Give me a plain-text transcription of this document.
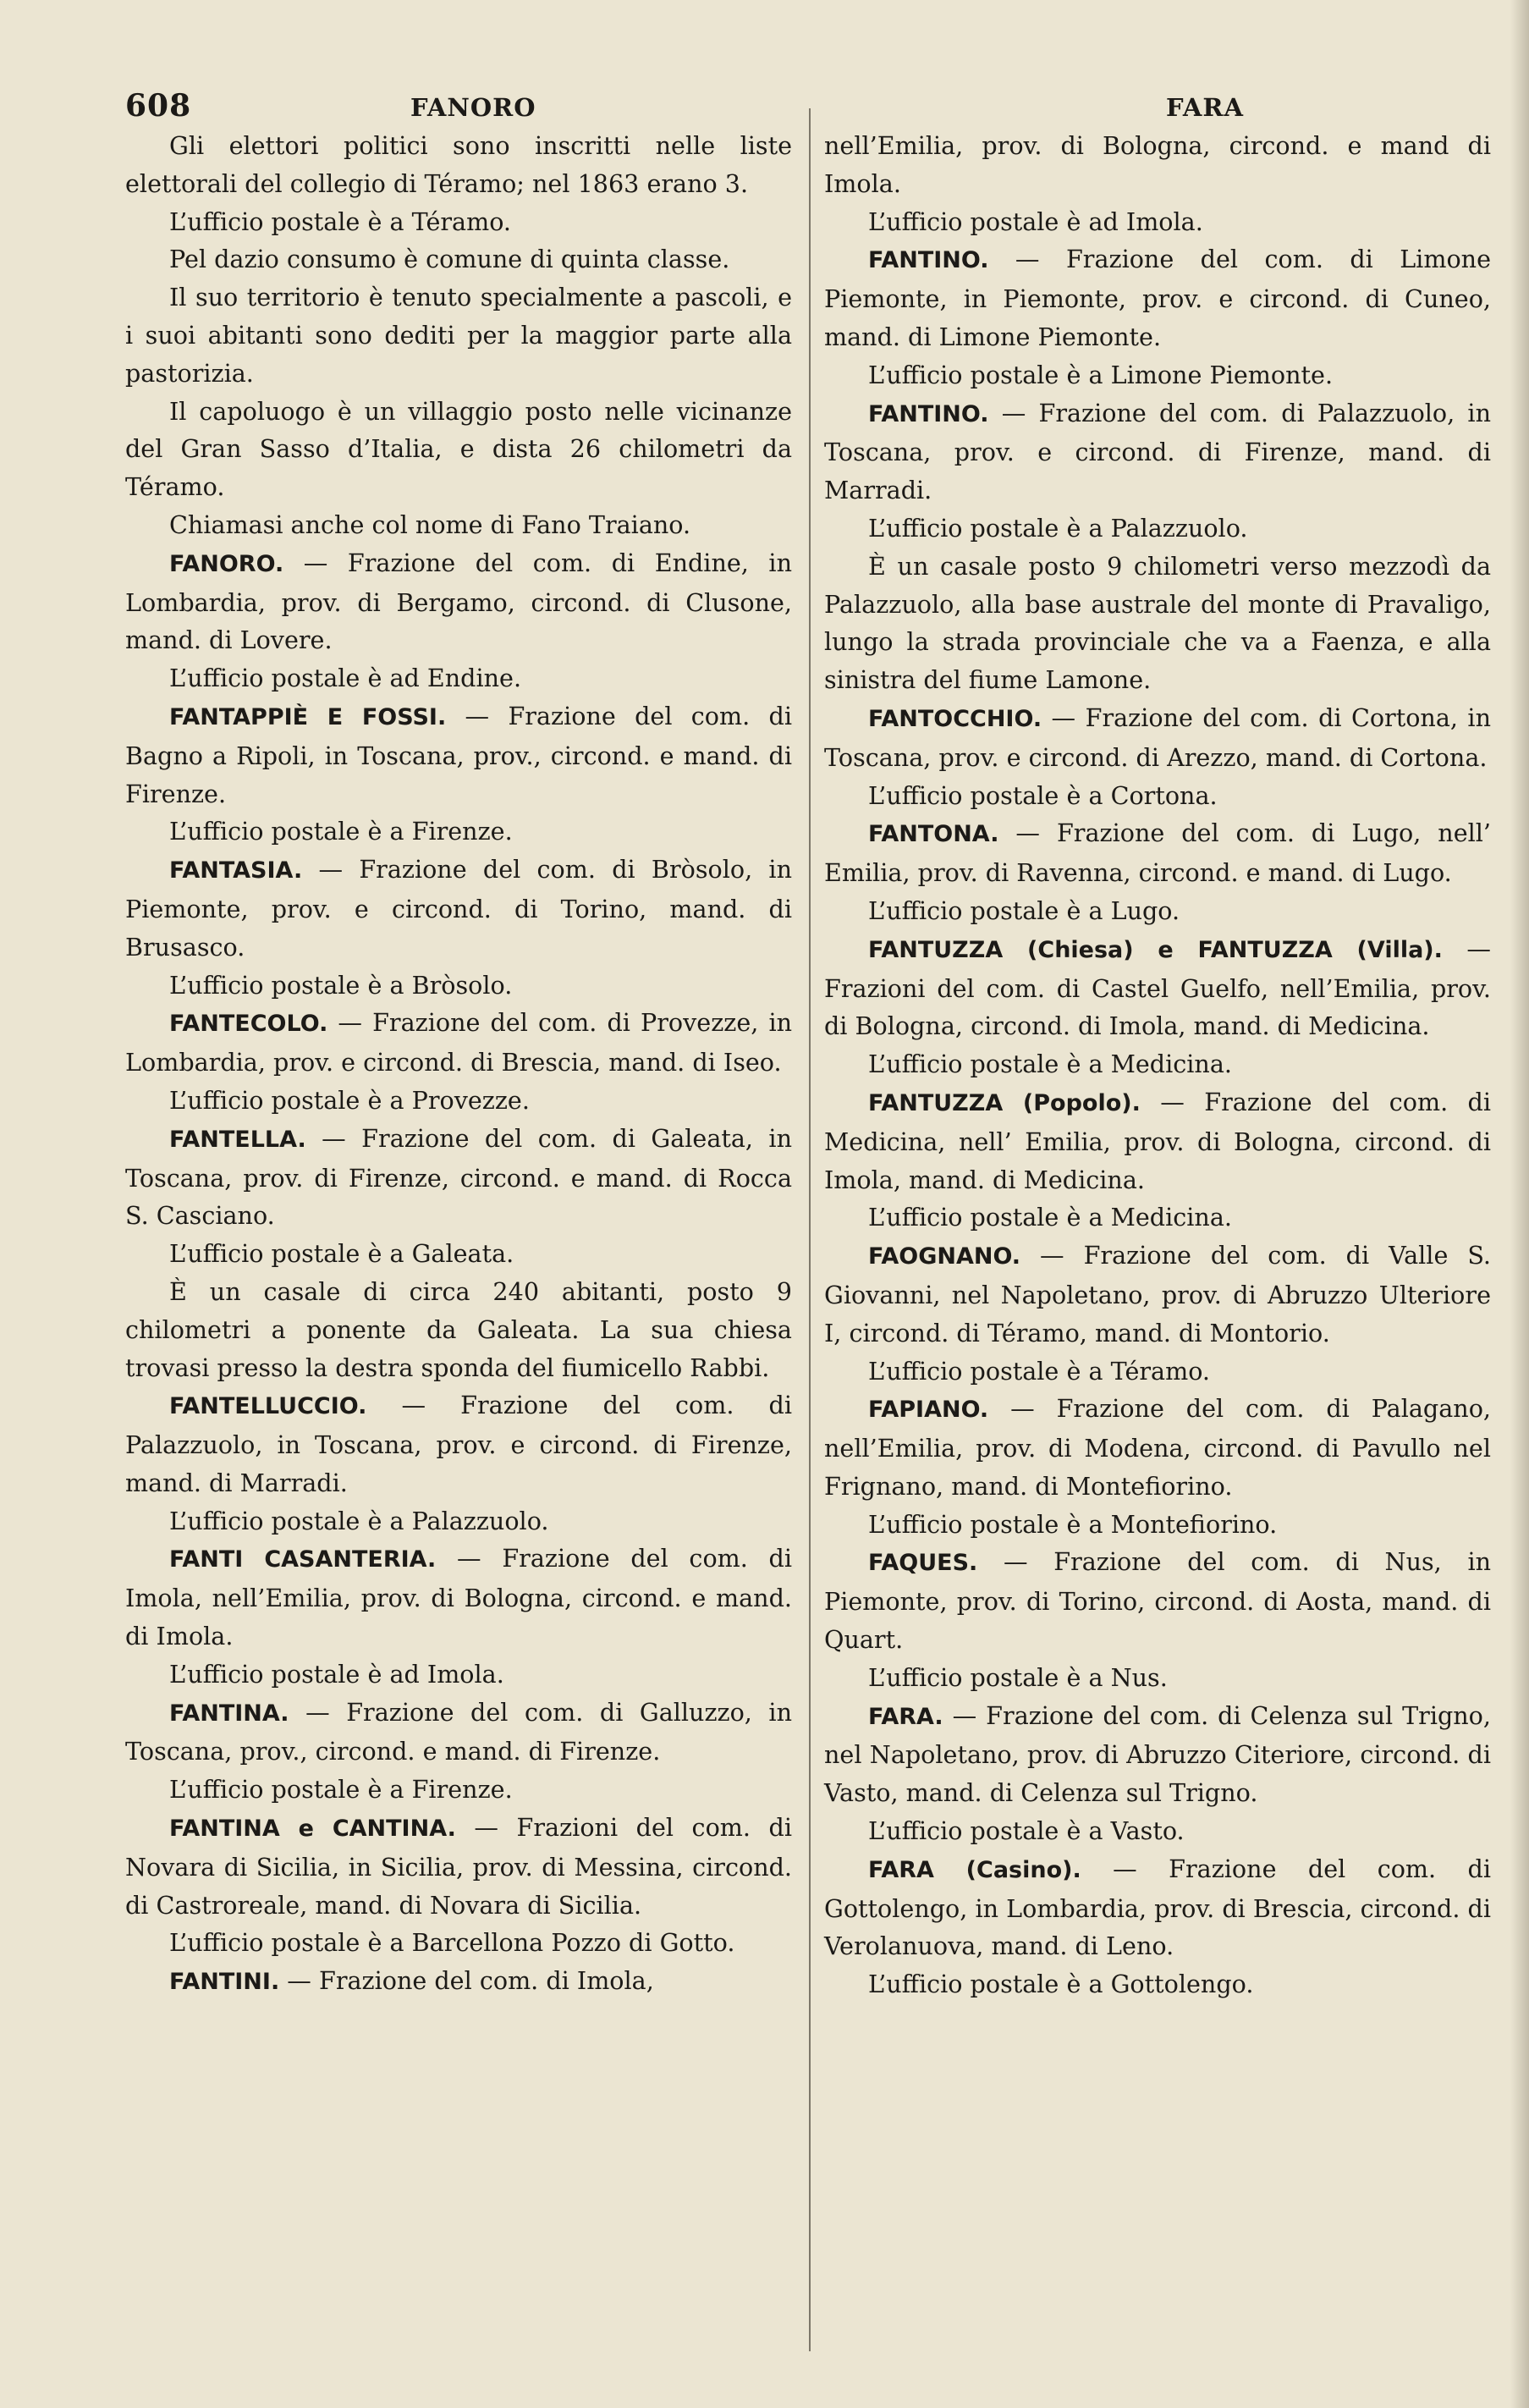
608	FANORO	FARA

Gli elettori politici sono inscritti nelle liste elettorali del collegio di Téramo; nel 1863 erano 3.

L’ufficio postale è a Téramo.

Pel dazio consumo è comune di quinta classe.

Il suo territorio è tenuto specialmente a pascoli, e i suoi abitanti sono dediti per la maggior parte alla pastorizia.

Il capoluogo è un villaggio posto nelle vicinanze del Gran Sasso d’Italia, e dista 26 chilometri da Téramo.

Chiamasi anche col nome di Fano Traiano.

FANORO. — Frazione del com. di Endine, in Lombardia, prov. di Bergamo, circond. di Clusone, mand. di Lovere.

L’ufficio postale è ad Endine.

FANTAPPIÈ E FOSSI. — Frazione del com. di Bagno a Ripoli, in Toscana, prov., circond. e mand. di Firenze.

L’ufficio postale è a Firenze.

FANTASIA. — Frazione del com. di Bròsolo, in Piemonte, prov. e circond. di Torino, mand. di Brusasco.

L’ufficio postale è a Bròsolo.

FANTECOLO. — Frazione del com. di Provezze, in Lombardia, prov. e circond. di Brescia, mand. di Iseo.

L’ufficio postale è a Provezze.

FANTELLA. — Frazione del com. di Galeata, in Toscana, prov. di Firenze, circond. e mand. di Rocca S. Casciano.

L’ufficio postale è a Galeata.

È un casale di circa 240 abitanti, posto 9 chilometri a ponente da Galeata. La sua chiesa trovasi presso la destra sponda del fiumicello Rabbi.

FANTELLUCCIO. — Frazione del com. di Palazzuolo, in Toscana, prov. e circond. di Firenze, mand. di Marradi.

L’ufficio postale è a Palazzuolo.

FANTI CASANTERIA. — Frazione del com. di Imola, nell’Emilia, prov. di Bologna, circond. e mand. di Imola.

L’ufficio postale è ad Imola.

FANTINA. — Frazione del com. di Galluzzo, in Toscana, prov., circond. e mand. di Firenze.

L’ufficio postale è a Firenze.

FANTINA e CANTINA. — Frazioni del com. di Novara di Sicilia, in Sicilia, prov. di Messina, circond. di Castroreale, mand. di Novara di Sicilia.

L’ufficio postale è a Barcellona Pozzo di Gotto.

FANTINI. — Frazione del com. di Imola,

nell’Emilia, prov. di Bologna, circond. e mand di Imola.

L’ufficio postale è ad Imola.

FANTINO. — Frazione del com. di Limone Piemonte, in Piemonte, prov. e circond. di Cuneo, mand. di Limone Piemonte.

L’ufficio postale è a Limone Piemonte.

FANTINO. — Frazione del com. di Palazzuolo, in Toscana, prov. e circond. di Firenze, mand. di Marradi.

L’ufficio postale è a Palazzuolo.

È un casale posto 9 chilometri verso mezzodì da Palazzuolo, alla base australe del monte di Pravaligo, lungo la strada provinciale che va a Faenza, e alla sinistra del fiume Lamone.

FANTOCCHIO. — Frazione del com. di Cortona, in Toscana, prov. e circond. di Arezzo, mand. di Cortona.

L’ufficio postale è a Cortona.

FANTONA. — Frazione del com. di Lugo, nell’ Emilia, prov. di Ravenna, circond. e mand. di Lugo.

L’ufficio postale è a Lugo.

FANTUZZA (Chiesa) e FANTUZZA (Villa). — Frazioni del com. di Castel Guelfo, nell’Emilia, prov. di Bologna, circond. di Imola, mand. di Medicina.

L’ufficio postale è a Medicina.

FANTUZZA (Popolo). — Frazione del com. di Medicina, nell’ Emilia, prov. di Bologna, circond. di Imola, mand. di Medicina.

L’ufficio postale è a Medicina.

FAOGNANO. — Frazione del com. di Valle S. Giovanni, nel Napoletano, prov. di Abruzzo Ulteriore I, circond. di Téramo, mand. di Montorio.

L’ufficio postale è a Téramo.

FAPIANO. — Frazione del com. di Palagano, nell’Emilia, prov. di Modena, circond. di Pavullo nel Frignano, mand. di Montefiorino.

L’ufficio postale è a Montefiorino.

FAQUES. — Frazione del com. di Nus, in Piemonte, prov. di Torino, circond. di Aosta, mand. di Quart.

L’ufficio postale è a Nus.

FARA. — Frazione del com. di Celenza sul Trigno, nel Napoletano, prov. di Abruzzo Citeriore, circond. di Vasto, mand. di Celenza sul Trigno.

L’ufficio postale è a Vasto.

FARA (Casino). — Frazione del com. di Gottolengo, in Lombardia, prov. di Brescia, circond. di Verolanuova, mand. di Leno.

L’ufficio postale è a Gottolengo.
